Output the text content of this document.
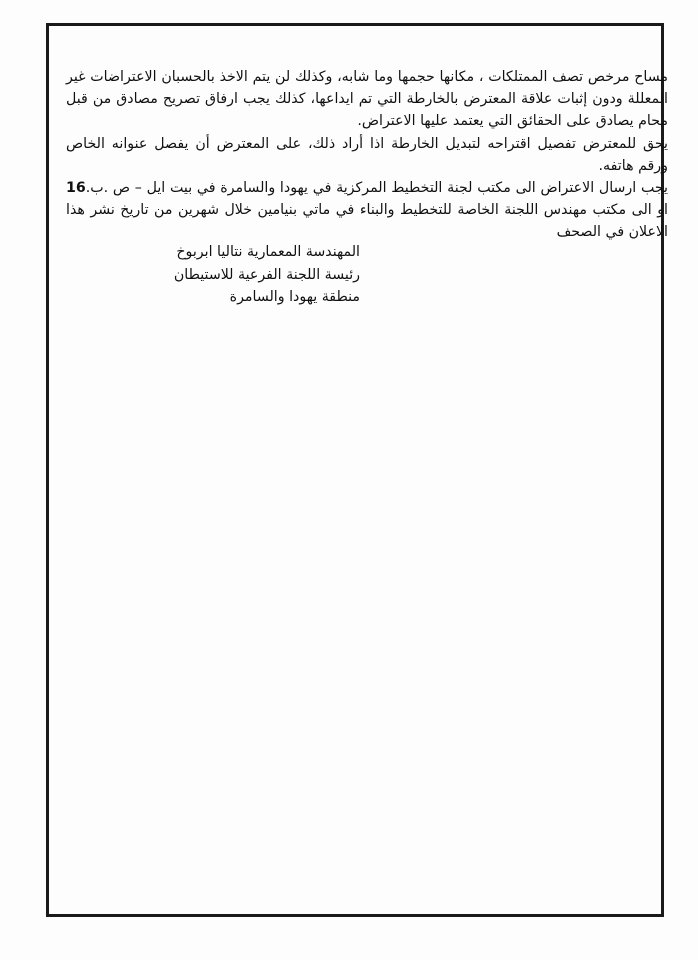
مساح مرخص تصف الممتلكات ، مكانها حجمها وما شابه، وكذلك لن يتم الاخذ بالحسبان الاعتراضات غير المعللة ودون إثبات علاقة المعترض بالخارطة التي تم ايداعها، كذلك يجب ارفاق تصريح مصادق من قبل محام يصادق على الحقائق التي يعتمد عليها الاعتراض.

يحق للمعترض تفصيل اقتراحه لتبديل الخارطة اذا أراد ذلك، على المعترض أن يفصل عنوانه الخاص ورقم هاتفه.

يجب ارسال الاعتراض الى مكتب لجنة التخطيط المركزية في يهودا والسامرة في بيت ايل – ص .ب.16 او الى مكتب مهندس اللجنة الخاصة للتخطيط والبناء في ماتي بنيامين خلال شهرين من تاريخ نشر هذا الاعلان في الصحف

المهندسة المعمارية نتاليا ابربوخ
رئيسة اللجنة الفرعية للاستيطان
منطقة يهودا والسامرة
